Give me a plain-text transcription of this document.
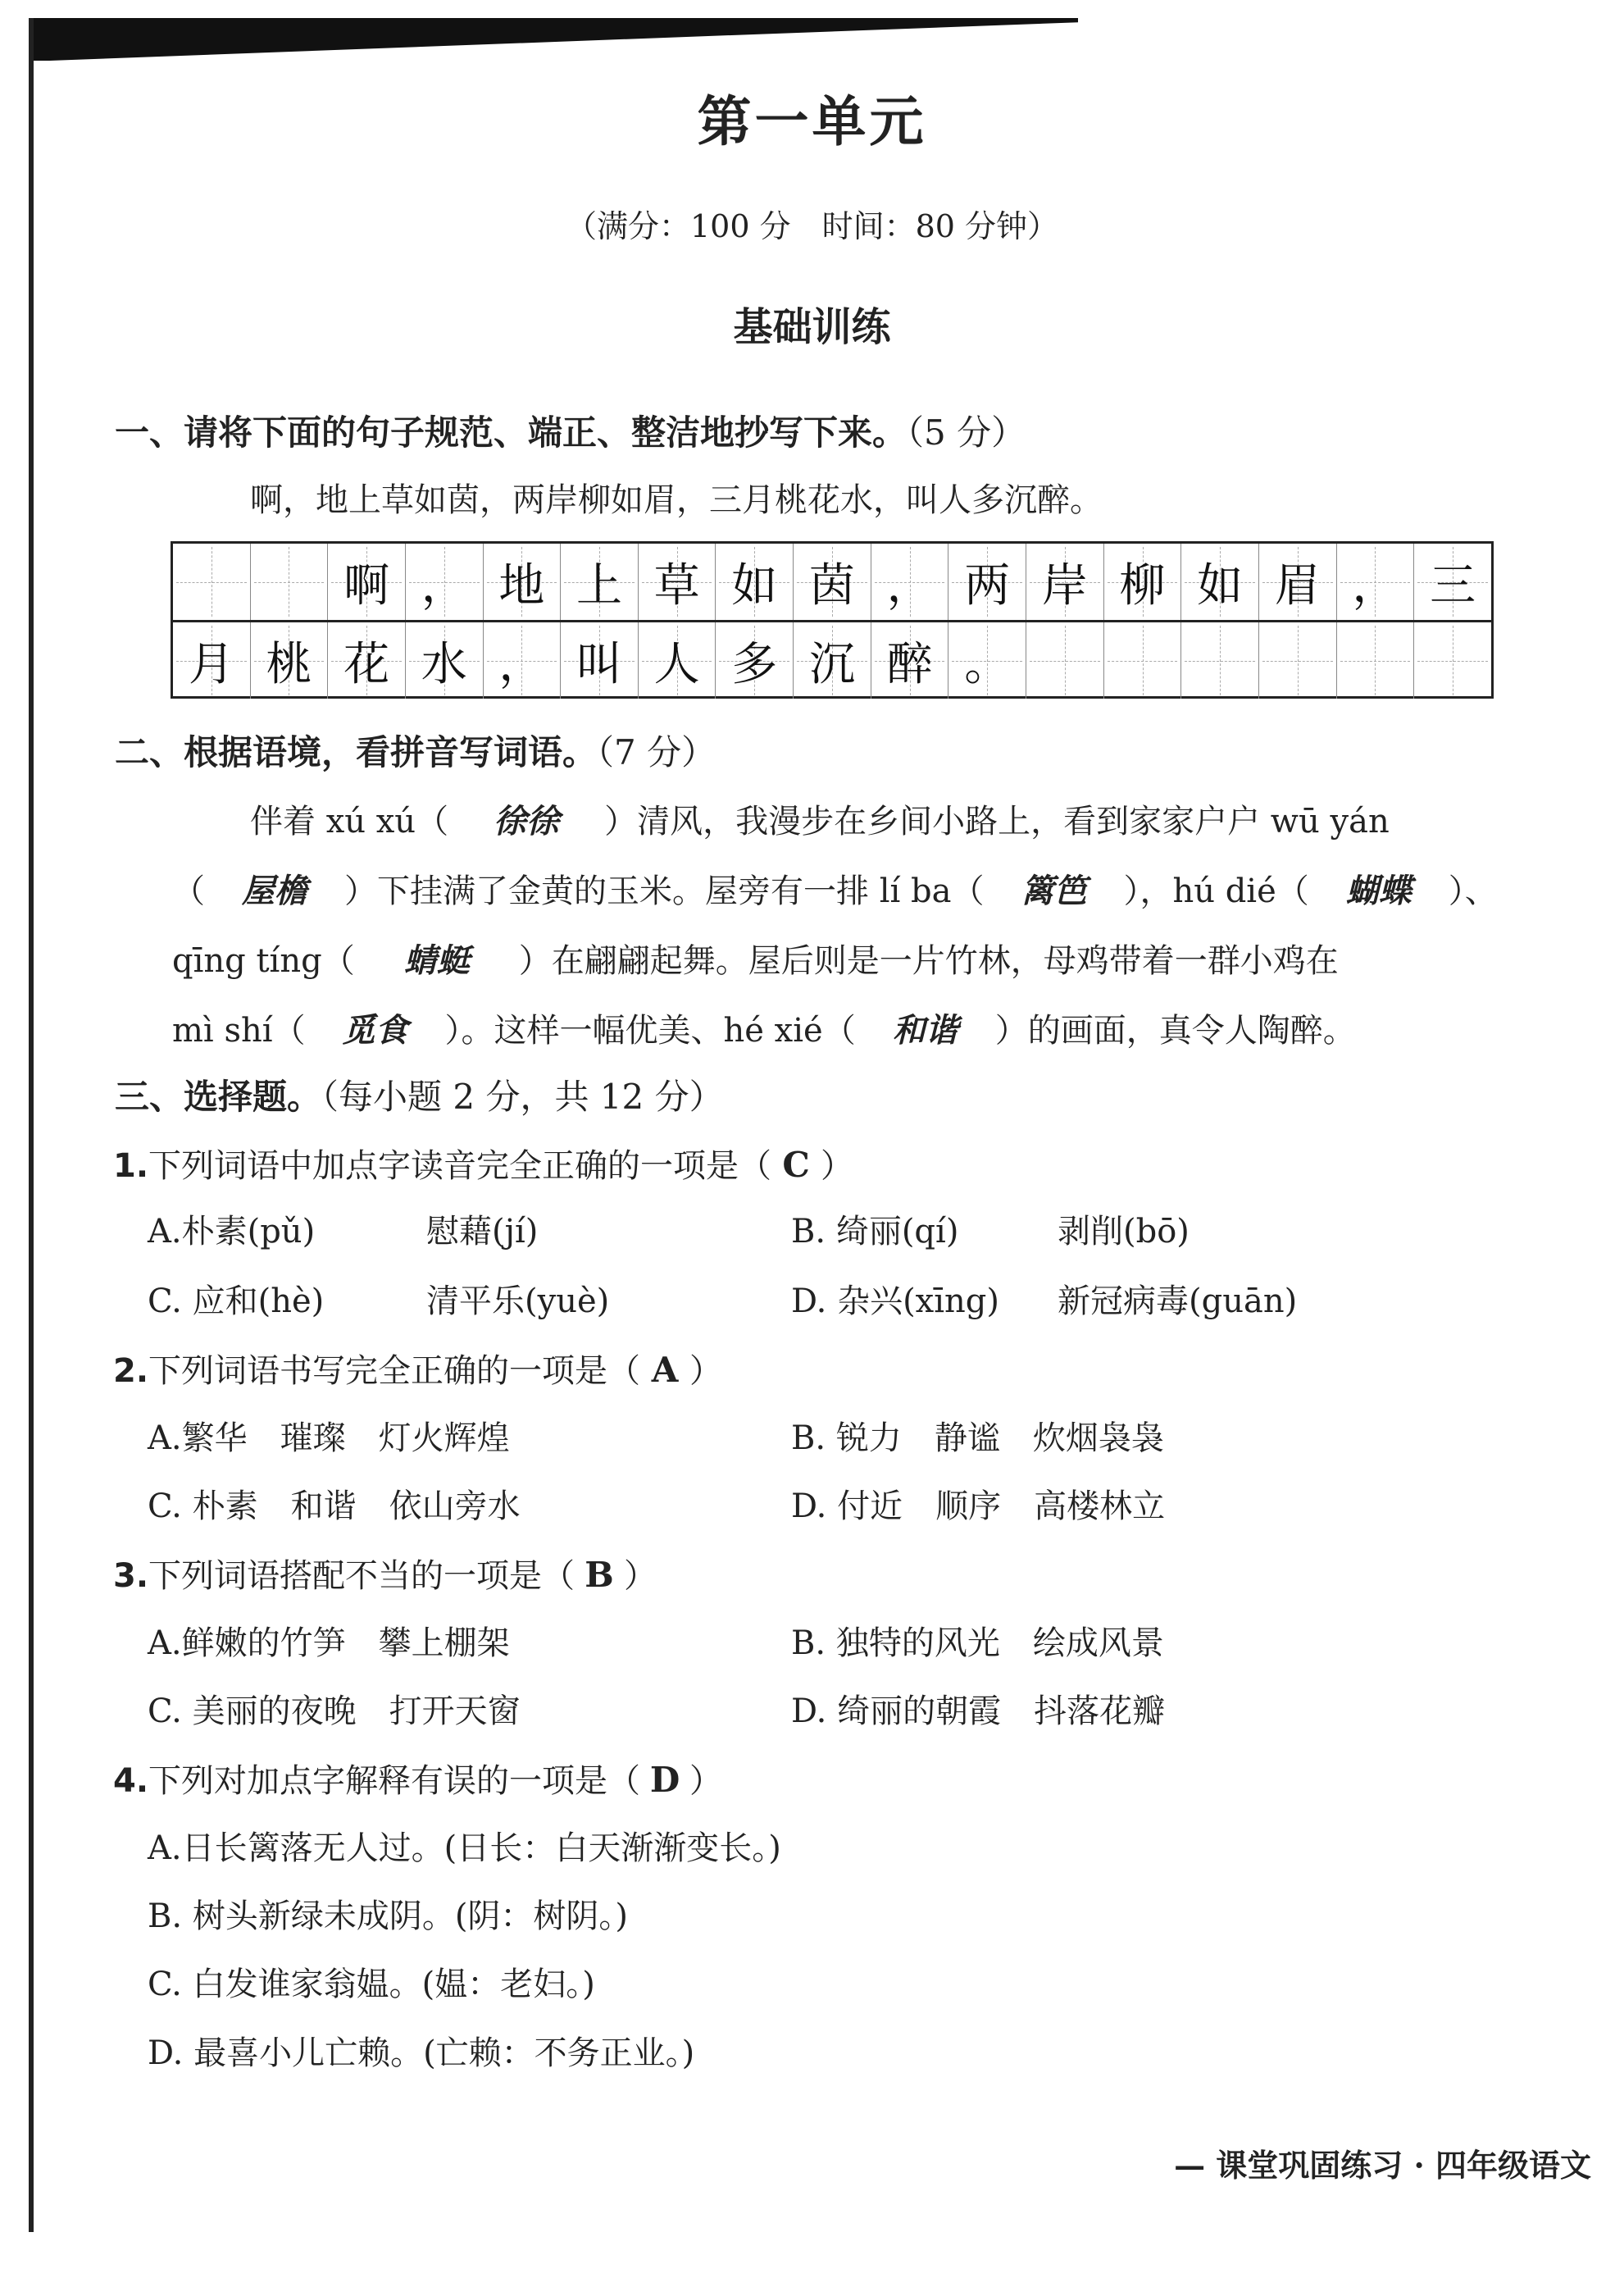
第一单元
（满分：100 分　时间：80 分钟）
基础训练
一、请将下面的句子规范、端正、整洁地抄写下来。（5 分）
啊，地上草如茵，两岸柳如眉，三月桃花水，叫人多沉醉。
啊 ， 地 上 草 如 茵 ， 两 岸 柳 如 眉 ， 三
月 桃 花 水 ， 叫 人 多 沉 醉 。
二、根据语境，看拼音写词语。（7 分）
伴着 xú xú（ 徐徐 ）清风，我漫步在乡间小路上，看到家家户户 wū yán
（ 屋檐 ）下挂满了金黄的玉米。屋旁有一排 lí ba（ 篱笆 ），hú dié（ 蝴蝶 ）、
qīng tíng（ 蜻蜓 ）在翩翩起舞。屋后则是一片竹林，母鸡带着一群小鸡在
mì shí（ 觅食 ）。这样一幅优美、hé xié（ 和谐 ）的画面，真令人陶醉。
三、选择题。（每小题 2 分，共 12 分）
1.下列词语中加点字读音完全正确的一项是（ C ）
A.朴素(pǔ)	慰藉(jí)	B. 绮丽(qí)	剥削(bō)
C. 应和(hè)	清平乐(yuè)	D. 杂兴(xīng) 新冠病毒(guān)
2.下列词语书写完全正确的一项是（ A ）
A.繁华　璀璨　灯火辉煌	B. 锐力　静谧　炊烟袅袅
C. 朴素　和谐　依山旁水	D. 付近　顺序　高楼林立
3.下列词语搭配不当的一项是（ B ）
A.鲜嫩的竹笋　攀上棚架	B. 独特的风光　绘成风景
C. 美丽的夜晚　打开天窗	D. 绮丽的朝霞　抖落花瓣
4.下列对加点字解释有误的一项是（ D ）
A.日长篱落无人过。(日长：白天渐渐变长。)
B. 树头新绿未成阴。(阴：树阴。)
C. 白发谁家翁媪。(媪：老妇。)
D. 最喜小儿亡赖。(亡赖：不务正业。)
— 课堂巩固练习 · 四年级语文
